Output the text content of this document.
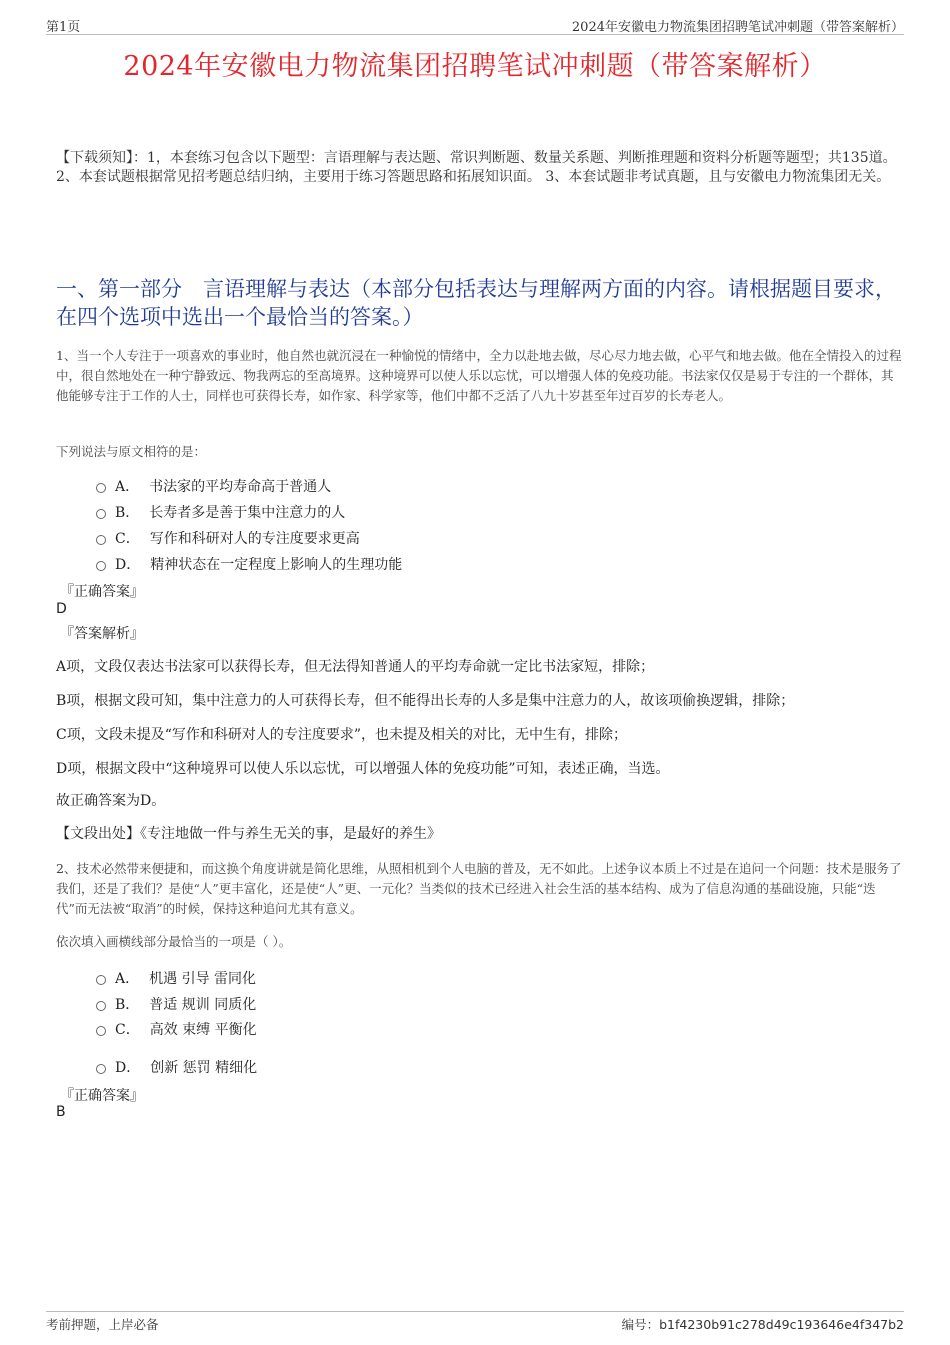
第1页	2024年安徽电力物流集团招聘笔试冲刺题（带答案解析）
2024年安徽电力物流集团招聘笔试冲刺题（带答案解析）
【下载须知】：1，本套练习包含以下题型：言语理解与表达题、常识判断题、数量关系题、判断推理题和资料分析题等题型；共135道。 2、本套试题根据常见招考题总结归纳，主要用于练习答题思路和拓展知识面。 3、本套试题非考试真题，且与安徽电力物流集团无关。
一、第一部分　言语理解与表达（本部分包括表达与理解两方面的内容。请根据题目要求，在四个选项中选出一个最恰当的答案。）
1、当一个人专注于一项喜欢的事业时，他自然也就沉浸在一种愉悦的情绪中，全力以赴地去做，尽心尽力地去做，心平气和地去做。他在全情投入的过程中，很自然地处在一种宁静致远、物我两忘的至高境界。这种境界可以使人乐以忘忧，可以增强人体的免疫功能。书法家仅仅是易于专注的一个群体，其他能够专注于工作的人士，同样也可获得长寿，如作家、科学家等，他们中都不乏活了八九十岁甚至年过百岁的长寿老人。
下列说法与原文相符的是：
A． 书法家的平均寿命高于普通人
B． 长寿者多是善于集中注意力的人
C． 写作和科研对人的专注度要求更高
D． 精神状态在一定程度上影响人的生理功能
『正确答案』
D
『答案解析』
A项，文段仅表达书法家可以获得长寿，但无法得知普通人的平均寿命就一定比书法家短，排除；
B项，根据文段可知，集中注意力的人可获得长寿，但不能得出长寿的人多是集中注意力的人，故该项偷换逻辑，排除；
C项，文段未提及“写作和科研对人的专注度要求”，也未提及相关的对比，无中生有，排除；
D项，根据文段中“这种境界可以使人乐以忘忧，可以增强人体的免疫功能”可知，表述正确，当选。
故正确答案为D。
【文段出处】《专注地做一件与养生无关的事，是最好的养生》
2、技术必然带来便捷和，而这换个角度讲就是简化思维，从照相机到个人电脑的普及，无不如此。上述争议本质上不过是在追问一个问题：技术是服务了我们，还是了我们？是使“人”更丰富化，还是使“人”更、一元化？当类似的技术已经进入社会生活的基本结构、成为了信息沟通的基础设施，只能“迭代”而无法被“取消”的时候，保持这种追问尤其有意义。
依次填入画横线部分最恰当的一项是（ ）。
A． 机遇 引导 雷同化
B． 普适 规训 同质化
C． 高效 束缚 平衡化
D． 创新 惩罚 精细化
『正确答案』
B
考前押题，上岸必备	编号：b1f4230b91c278d49c193646e4f347b2
